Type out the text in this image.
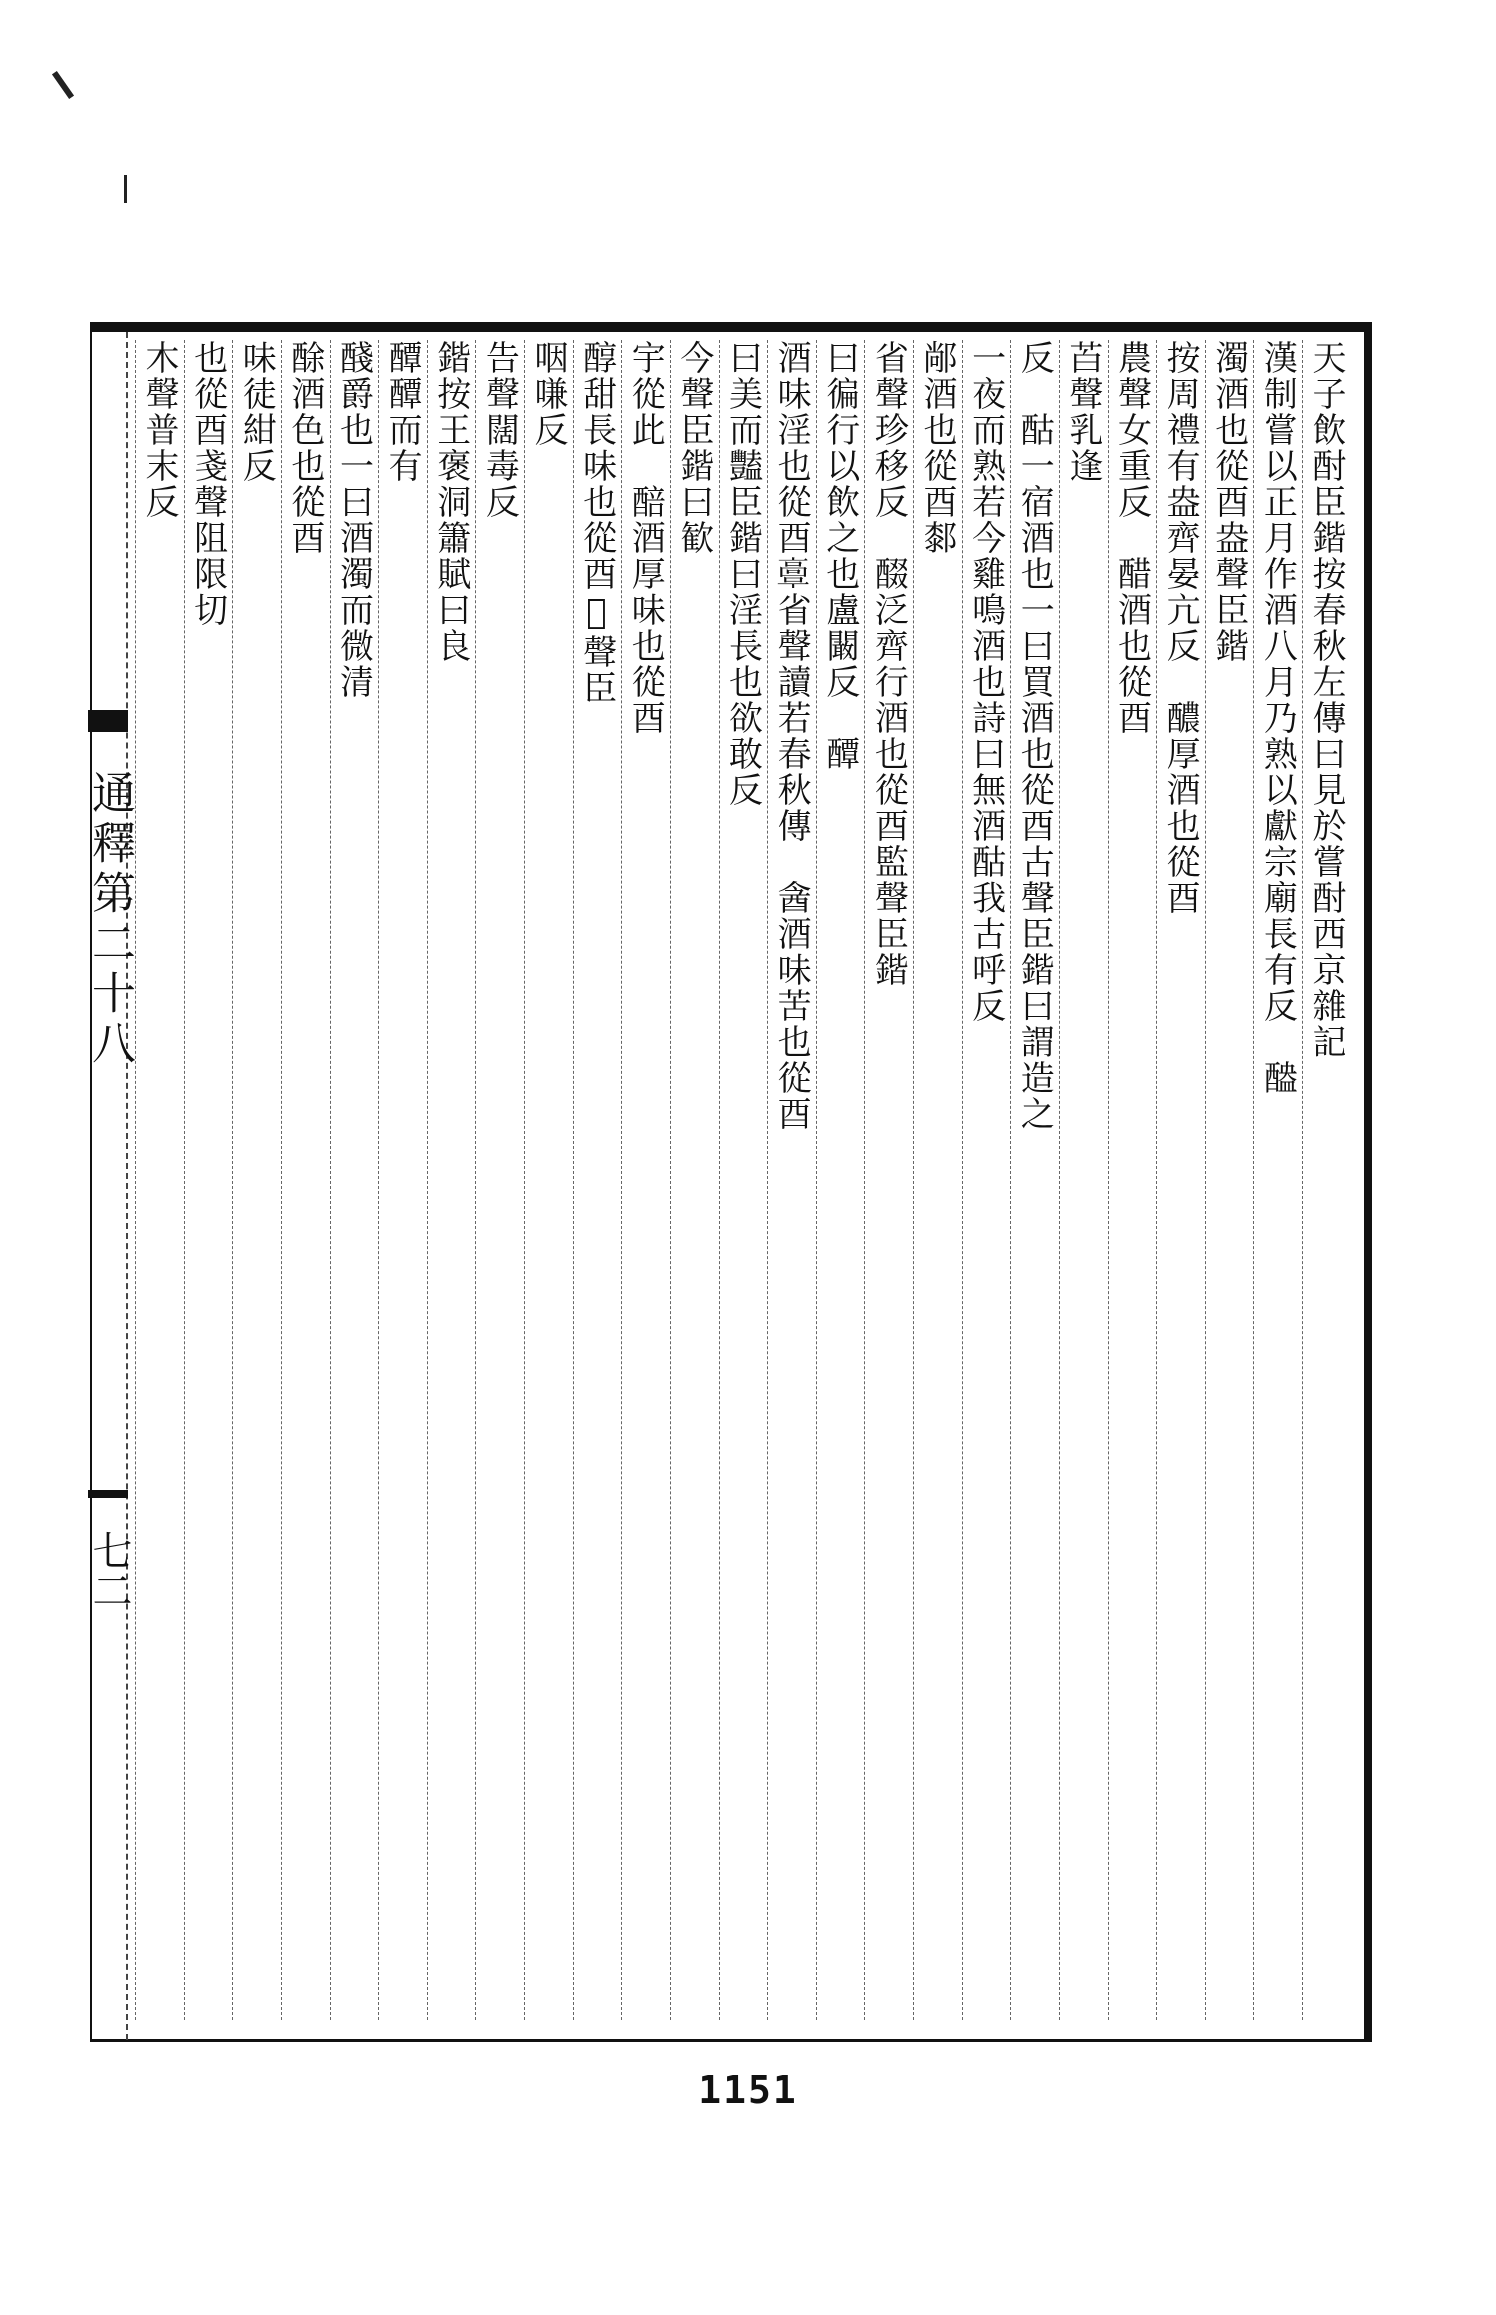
通釋第二十八
七二
天子飲酎臣鍇按春秋左傳曰見於嘗酎西京雜記
漢制嘗以正月作酒八月乃熟以獻宗廟長有反　醠
濁酒也從酉盎聲臣鍇
按周禮有盎齊晏亢反　醲厚酒也從酉
農聲女重反　醋酒也從酉
苩聲乳逢
反　酤一宿酒也一曰買酒也從酉古聲臣鍇曰謂造之
一夜而熟若今雞鳴酒也詩曰無酒酤我古呼反
䣊酒也從酉䣛
省聲珍移反　醊泛齊行酒也從酉監聲臣鍇
曰徧行以飲之也盧闞反　醰
酒味淫也從酉𩫏省聲讀若春秋傳　酓酒味苦也從酉
曰美而豔臣鍇曰淫長也欲敢反
今聲臣鍇曰歓
宇從此　醅酒厚味也從酉
醇甜長味也從酉𦎫聲臣
咽嗛反
告聲闊毒反
鍇按王褒洞簫賦曰良
醰醰而有
醆爵也一曰酒濁而微清
酴酒色也從酉
味徒紺反
也從酉戔聲阻限切
木聲普末反
1151
